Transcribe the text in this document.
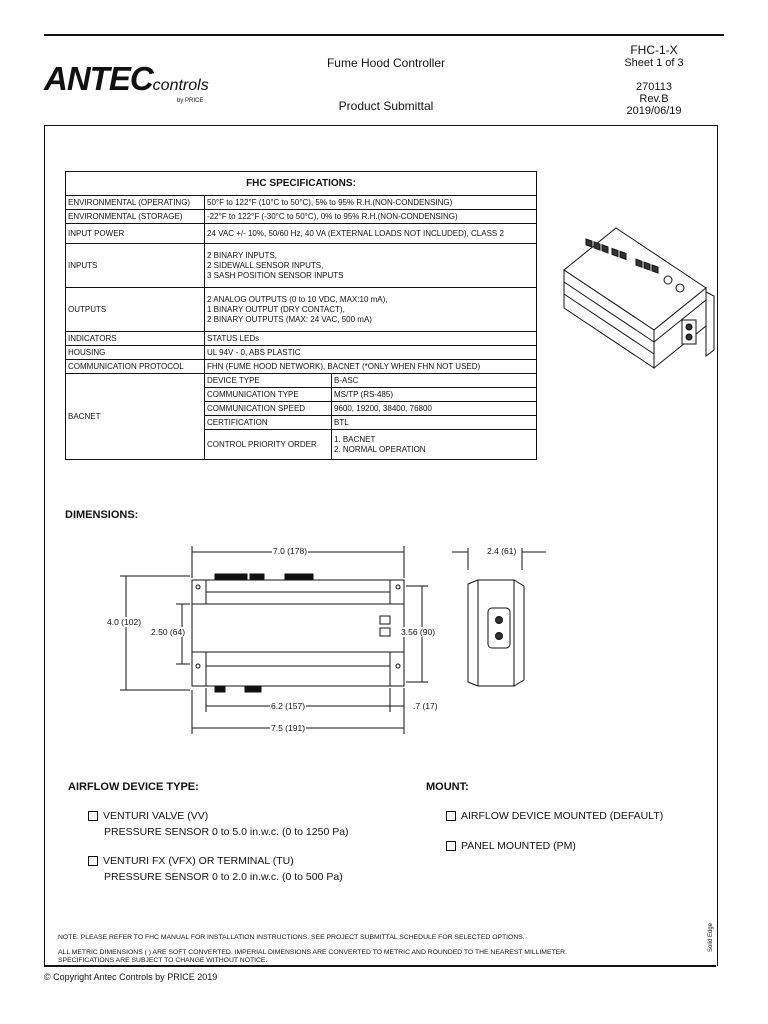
ANTECcontrols
by PRICE
Fume Hood Controller
Product Submittal
FHC-1-X
Sheet 1 of 3
270113
Rev.B
2019/06/19
FHC SPECIFICATIONS:		
ENVIRONMENTAL (OPERATING)	50°F to 122°F (10°C to 50°C), 5% to 95% R.H.(NON-CONDENSING)	
ENVIRONMENTAL (STORAGE)	-22°F to 122°F (-30°C to 50°C), 0% to 95% R.H.(NON-CONDENSING)	
INPUT POWER	24 VAC +/- 10%, 50/60 Hz, 40 VA (EXTERNAL LOADS NOT INCLUDED), CLASS 2	
INPUTS	2 BINARY INPUTS,
2 SIDEWALL SENSOR INPUTS,
3 SASH POSITION SENSOR INPUTS	

OUTPUTS	2 ANALOG OUTPUTS (0 to 10 VDC, MAX:10 mA),
1 BINARY OUTPUT (DRY CONTACT),
2 BINARY OUTPUTS (MAX: 24 VAC, 500 mA)	

INDICATORS	STATUS LEDs	
HOUSING	UL 94V - 0, ABS PLASTIC	
COMMUNICATION PROTOCOL	FHN (FUME HOOD NETWORK), BACNET (*ONLY WHEN FHN NOT USED)	
BACNET	DEVICE TYPE	B-ASC
	COMMUNICATION TYPE	MS/TP (RS-485)
	COMMUNICATION SPEED	9600, 19200, 38400, 76800
	CERTIFICATION	BTL
	CONTROL PRIORITY ORDER	1. BACNET
2. NORMAL OPERATION
DIMENSIONS:
7.0 (178)
4.0 (102)
2.50 (64)	3.56 (90)
6.2 (157)	.7 (17)
7.5 (191)
2.4 (61)
AIRFLOW DEVICE TYPE:
VENTURI VALVE (VV)
PRESSURE SENSOR 0 to 5.0 in.w.c. (0 to 1250 Pa)
VENTURI FX (VFX) OR TERMINAL (TU)
PRESSURE SENSOR 0 to 2.0 in.w.c. (0 to 500 Pa)
MOUNT:
AIRFLOW DEVICE MOUNTED (DEFAULT)
PANEL MOUNTED (PM)
NOTE: PLEASE REFER TO FHC MANUAL FOR INSTALLATION INSTRUCTIONS. SEE PROJECT SUBMITTAL SCHEDULE FOR SELECTED OPTIONS.
ALL METRIC DIMENSIONS ( ) ARE SOFT CONVERTED. IMPERIAL DIMENSIONS ARE CONVERTED TO METRIC AND ROUNDED TO THE NEAREST MILLIMETER.
SPECIFICATIONS ARE SUBJECT TO CHANGE WITHOUT NOTICE.
© Copyright Antec Controls by PRICE 2019
Solid Edge
